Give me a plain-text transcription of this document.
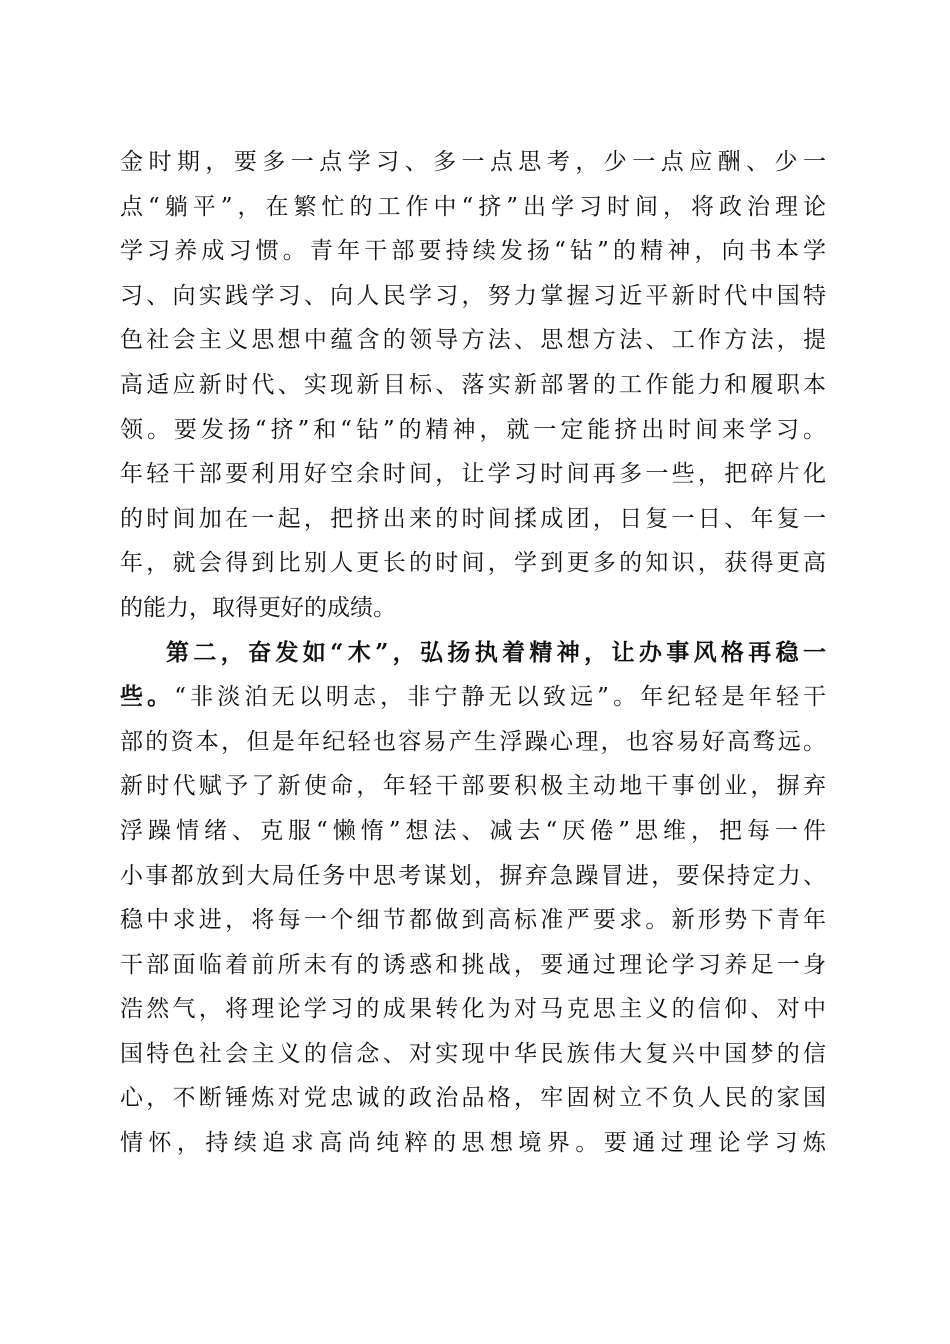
金时期，要多一点学习、多一点思考，少一点应酬、少一
点“躺平”，在繁忙的工作中“挤”出学习时间，将政治理论
学习养成习惯。青年干部要持续发扬“钻”的精神，向书本学
习、向实践学习、向人民学习，努力掌握习近平新时代中国特
色社会主义思想中蕴含的领导方法、思想方法、工作方法，提
高适应新时代、实现新目标、落实新部署的工作能力和履职本
领。要发扬“挤”和“钻”的精神，就一定能挤出时间来学习。
年轻干部要利用好空余时间，让学习时间再多一些，把碎片化
的时间加在一起，把挤出来的时间揉成团，日复一日、年复一
年，就会得到比别人更长的时间，学到更多的知识，获得更高
的能力，取得更好的成绩。
第二，奋发如“木”，弘扬执着精神，让办事风格再稳一
些。“非淡泊无以明志，非宁静无以致远”。年纪轻是年轻干
部的资本，但是年纪轻也容易产生浮躁心理，也容易好高骛远。
新时代赋予了新使命，年轻干部要积极主动地干事创业，摒弃
浮躁情绪、克服“懒惰”想法、减去“厌倦”思维，把每一件
小事都放到大局任务中思考谋划，摒弃急躁冒进，要保持定力、
稳中求进，将每一个细节都做到高标准严要求。新形势下青年
干部面临着前所未有的诱惑和挑战，要通过理论学习养足一身
浩然气，将理论学习的成果转化为对马克思主义的信仰、对中
国特色社会主义的信念、对实现中华民族伟大复兴中国梦的信
心，不断锤炼对党忠诚的政治品格，牢固树立不负人民的家国
情怀，持续追求高尚纯粹的思想境界。要通过理论学习炼
